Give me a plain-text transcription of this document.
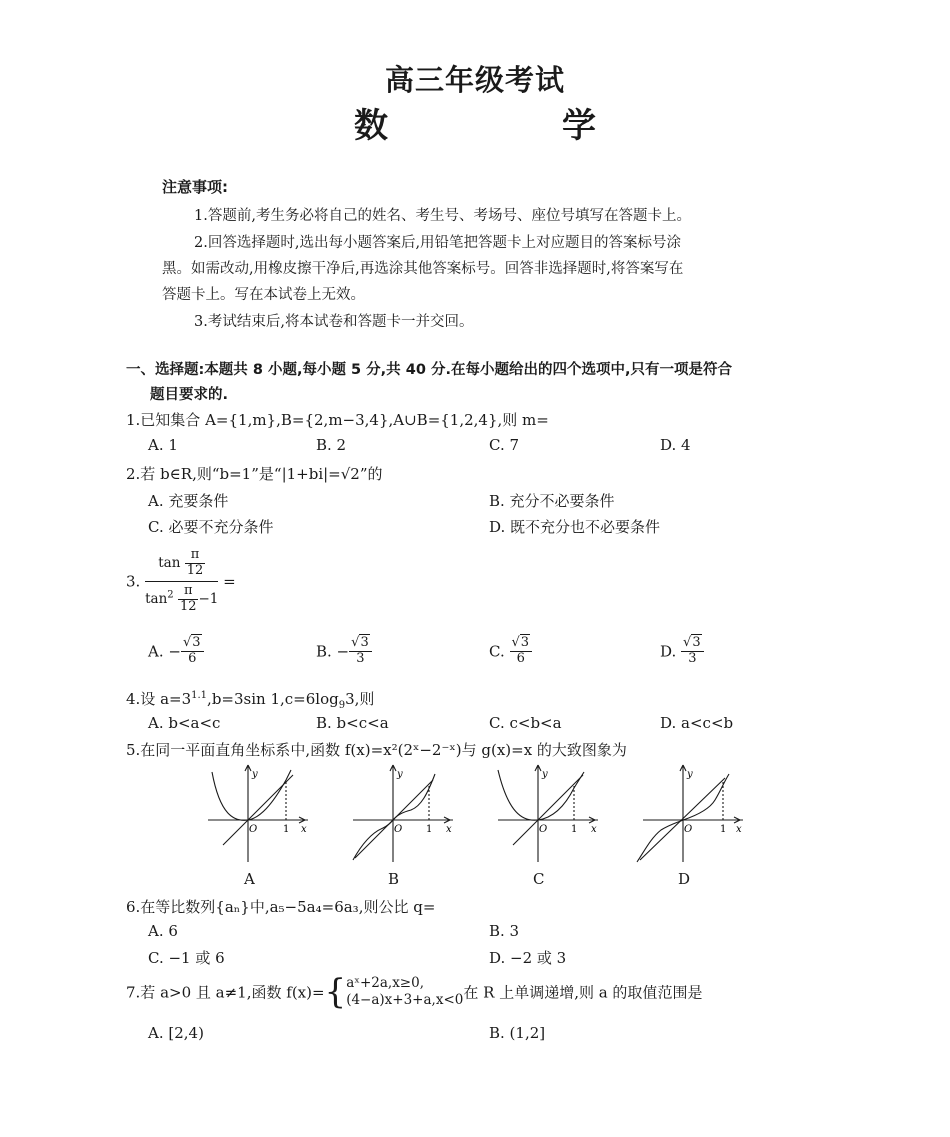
高三年级考试
数　学
注意事项:
1.答题前,考生务必将自己的姓名、考生号、考场号、座位号填写在答题卡上。
2.回答选择题时,选出每小题答案后,用铅笔把答题卡上对应题目的答案标号涂
黑。如需改动,用橡皮擦干净后,再选涂其他答案标号。回答非选择题时,将答案写在
答题卡上。写在本试卷上无效。
3.考试结束后,将本试卷和答题卡一并交回。
一、选择题:本题共 8 小题,每小题 5 分,共 40 分.在每小题给出的四个选项中,只有一项是符合
题目要求的.
1.已知集合 A={1,m},B={2,m−3,4},A∪B={1,2,4},则 m=
A. 1	B. 2	C. 7	D. 4
2.若 b∈R,则“b=1”是“|1+bi|=√2”的
A. 充要条件	B. 充分不必要条件
C. 必要不充分条件	D. 既不充分也不必要条件
3. $\frac{\tan \frac{\pi}{12}}{\tan^2 \frac{\pi}{12} -1}$ =
A. − $\frac{√3}{6}$	B. − $\frac{√3}{3}$	C. $\frac{√3}{6}$	D. $\frac{√3}{3}$
4.设 $a=3^{1.1},b=3\sin$ $1,c=6\log_93$,则
A. b<a<c	B. b<c<a	C. c<b<a	D. a<c<b
5.在同一平面直角坐标系中,函数 f(x)=x²(2ˣ−2⁻ˣ)与 g(x)=x 的大致图象为
y
x
O	1
A
y
x
O 1
B
y
x
O 1
C
y
x
O	1
D
6.在等比数列{aₙ}中,a₅−5a₄=6a₃,则公比 q=
A. 6	B. 3
C. −1 或 6	D. −2 或 3
7.若 a>0 且 a≠1,函数 f(x)={ aˣ+2a,x≥0,
(4−a)x+3+a,x<0 在 R 上单调递增,则 a 的取值范围是
A. [2,4)	B. (1,2]
